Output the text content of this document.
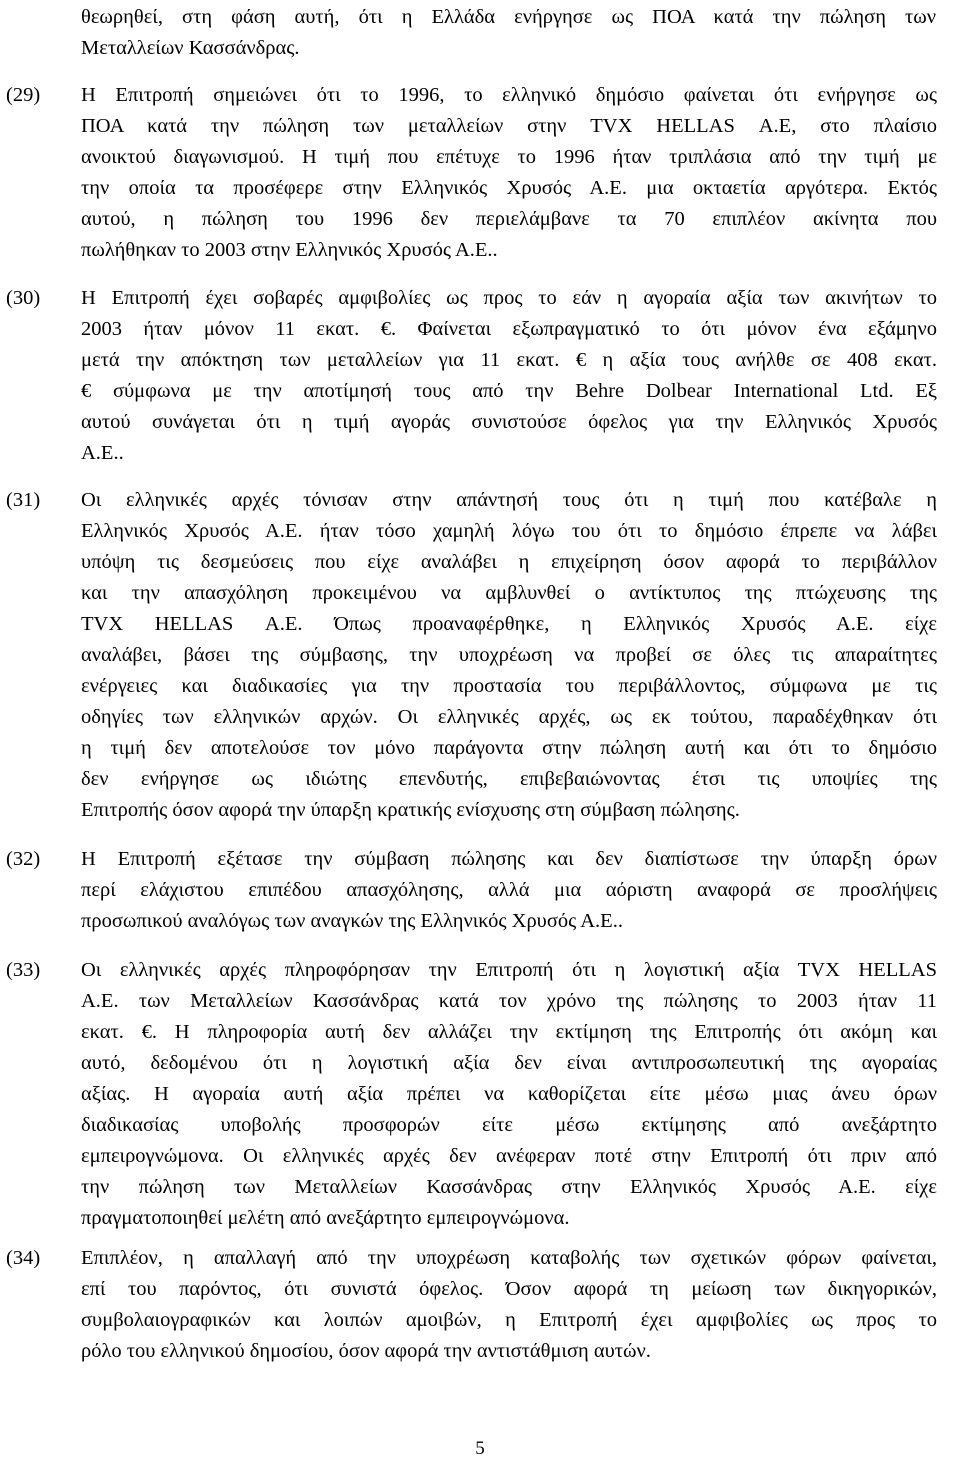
θεωρηθεί, στη φάση αυτή, ότι η Ελλάδα ενήργησε ως ΠΟΑ κατά την πώληση των
Μεταλλείων Κασσάνδρας.
(29) Η Επιτροπή σημειώνει ότι το 1996, το ελληνικό δημόσιο φαίνεται ότι ενήργησε ως
ΠΟΑ κατά την πώληση των μεταλλείων στην TVX HELLAS Α.Ε, στο πλαίσιο
ανοικτού διαγωνισμού. Η τιμή που επέτυχε το 1996 ήταν τριπλάσια από την τιμή με
την οποία τα προσέφερε στην Ελληνικός Χρυσός Α.Ε. μια οκταετία αργότερα. Εκτός
αυτού, η πώληση του 1996 δεν περιελάμβανε τα 70 επιπλέον ακίνητα που
πωλήθηκαν το 2003 στην Ελληνικός Χρυσός Α.Ε..
(30) Η Επιτροπή έχει σοβαρές αμφιβολίες ως προς το εάν η αγοραία αξία των ακινήτων το
2003 ήταν μόνον 11 εκατ. €. Φαίνεται εξωπραγματικό το ότι μόνον ένα εξάμηνο
μετά την απόκτηση των μεταλλείων για 11 εκατ. € η αξία τους ανήλθε σε 408 εκατ.
€ σύμφωνα με την αποτίμησή τους από την Behre Dolbear International Ltd. Εξ
αυτού συνάγεται ότι η τιμή αγοράς συνιστούσε όφελος για την Ελληνικός Χρυσός
Α.Ε..
(31) Οι ελληνικές αρχές τόνισαν στην απάντησή τους ότι η τιμή που κατέβαλε η
Ελληνικός Χρυσός Α.Ε. ήταν τόσο χαμηλή λόγω του ότι το δημόσιο έπρεπε να λάβει
υπόψη τις δεσμεύσεις που είχε αναλάβει η επιχείρηση όσον αφορά το περιβάλλον
και την απασχόληση προκειμένου να αμβλυνθεί ο αντίκτυπος της πτώχευσης της
TVX HELLAS Α.Ε. Όπως προαναφέρθηκε, η Ελληνικός Χρυσός Α.Ε. είχε
αναλάβει, βάσει της σύμβασης, την υποχρέωση να προβεί σε όλες τις απαραίτητες
ενέργειες και διαδικασίες για την προστασία του περιβάλλοντος, σύμφωνα με τις
οδηγίες των ελληνικών αρχών. Οι ελληνικές αρχές, ως εκ τούτου, παραδέχθηκαν ότι
η τιμή δεν αποτελούσε τον μόνο παράγοντα στην πώληση αυτή και ότι το δημόσιο
δεν ενήργησε ως ιδιώτης επενδυτής, επιβεβαιώνοντας έτσι τις υποψίες της
Επιτροπής όσον αφορά την ύπαρξη κρατικής ενίσχυσης στη σύμβαση πώλησης.
(32) Η Επιτροπή εξέτασε την σύμβαση πώλησης και δεν διαπίστωσε την ύπαρξη όρων
περί ελάχιστου επιπέδου απασχόλησης, αλλά μια αόριστη αναφορά σε προσλήψεις
προσωπικού αναλόγως των αναγκών της Ελληνικός Χρυσός Α.Ε..
(33) Οι ελληνικές αρχές πληροφόρησαν την Επιτροπή ότι η λογιστική αξία TVX HELLAS
Α.Ε. των Μεταλλείων Κασσάνδρας κατά τον χρόνο της πώλησης το 2003 ήταν 11
εκατ. €. Η πληροφορία αυτή δεν αλλάζει την εκτίμηση της Επιτροπής ότι ακόμη και
αυτό, δεδομένου ότι η λογιστική αξία δεν είναι αντιπροσωπευτική της αγοραίας
αξίας. Η αγοραία αυτή αξία πρέπει να καθορίζεται είτε μέσω μιας άνευ όρων
διαδικασίας υποβολής προσφορών είτε μέσω εκτίμησης από ανεξάρτητο
εμπειρογνώμονα. Οι ελληνικές αρχές δεν ανέφεραν ποτέ στην Επιτροπή ότι πριν από
την πώληση των Μεταλλείων Κασσάνδρας στην Ελληνικός Χρυσός Α.Ε. είχε
πραγματοποιηθεί μελέτη από ανεξάρτητο εμπειρογνώμονα.
(34) Επιπλέον, η απαλλαγή από την υποχρέωση καταβολής των σχετικών φόρων φαίνεται,
επί του παρόντος, ότι συνιστά όφελος. Όσον αφορά τη μείωση των δικηγορικών,
συμβολαιογραφικών και λοιπών αμοιβών, η Επιτροπή έχει αμφιβολίες ως προς το
ρόλο του ελληνικού δημοσίου, όσον αφορά την αντιστάθμιση αυτών.
5
